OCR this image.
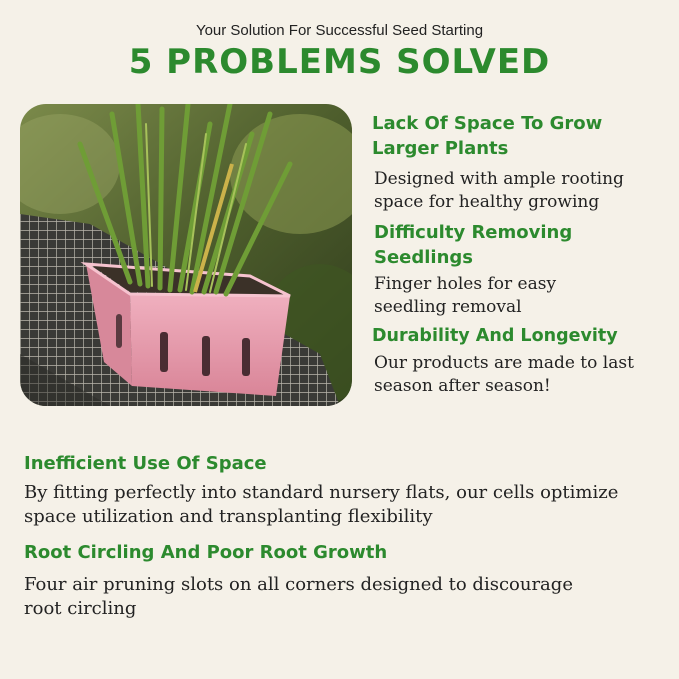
Your Solution For Successful Seed Starting
5 PROBLEMS SOLVED
Lack Of Space To Grow Larger Plants

Designed with ample rooting space for healthy growing

Difficulty Removing Seedlings

Finger holes for easy seedling removal

Durability And Longevity

Our products are made to last season after season!

Inefficient Use Of Space

By fitting perfectly into standard nursery flats, our cells optimize space utilization and transplanting flexibility

Root Circling And Poor Root Growth

Four air pruning slots on all corners designed to discourage root circling
